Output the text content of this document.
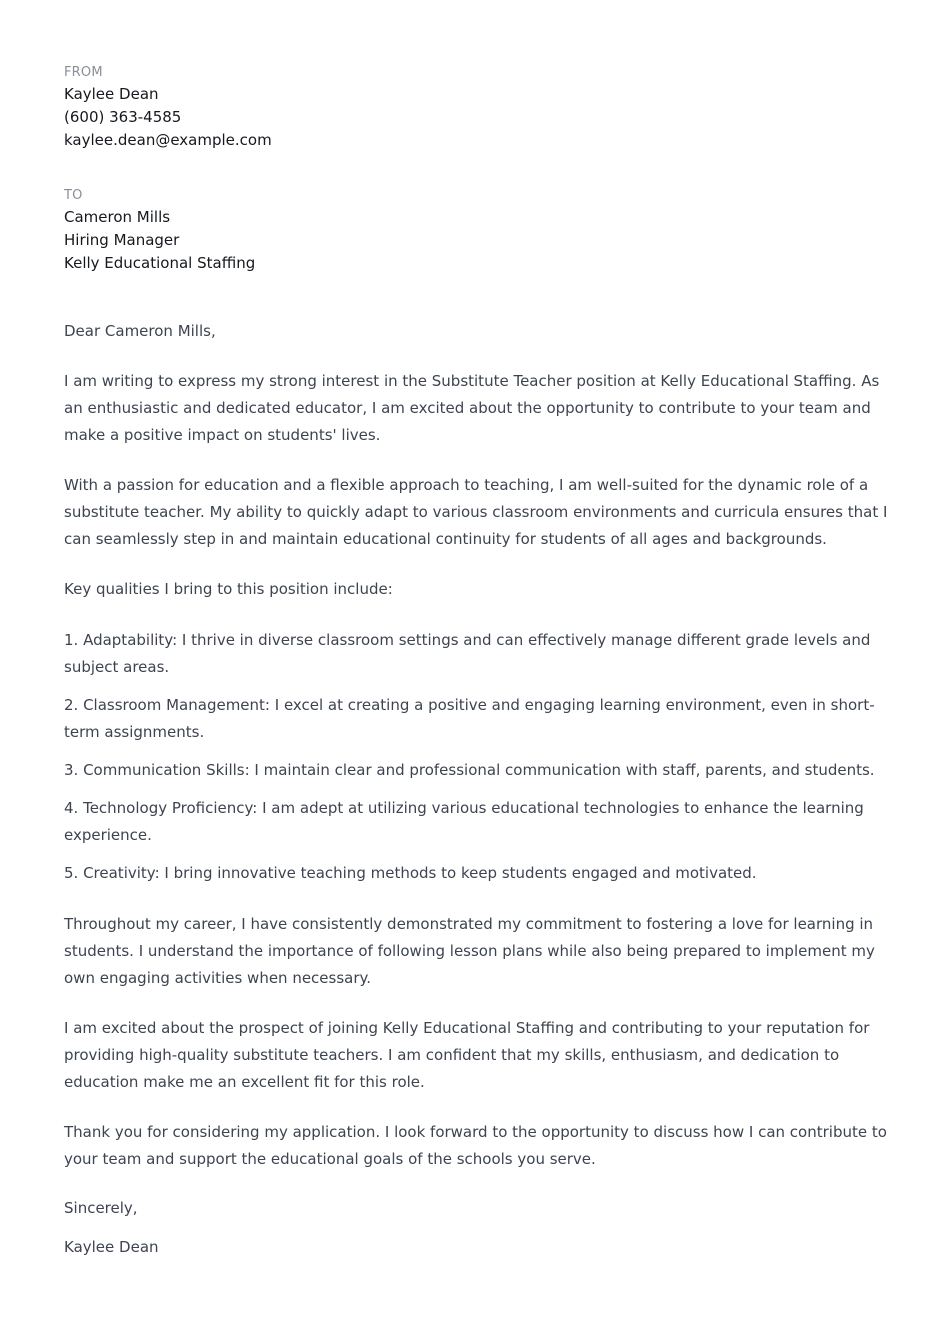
FROM
Kaylee Dean
(600) 363-4585
kaylee.dean@example.com
TO
Cameron Mills
Hiring Manager
Kelly Educational Staffing
Dear Cameron Mills,

I am writing to express my strong interest in the Substitute Teacher position at Kelly Educational Staffing. As an enthusiastic and dedicated educator, I am excited about the opportunity to contribute to your team and make a positive impact on students' lives.

With a passion for education and a flexible approach to teaching, I am well-suited for the dynamic role of a substitute teacher. My ability to quickly adapt to various classroom environments and curricula ensures that I can seamlessly step in and maintain educational continuity for students of all ages and backgrounds.

Key qualities I bring to this position include:

1. Adaptability: I thrive in diverse classroom settings and can effectively manage different grade levels and subject areas.

2. Classroom Management: I excel at creating a positive and engaging learning environment, even in short-term assignments.

3. Communication Skills: I maintain clear and professional communication with staff, parents, and students.

4. Technology Proficiency: I am adept at utilizing various educational technologies to enhance the learning experience.

5. Creativity: I bring innovative teaching methods to keep students engaged and motivated.

Throughout my career, I have consistently demonstrated my commitment to fostering a love for learning in students. I understand the importance of following lesson plans while also being prepared to implement my own engaging activities when necessary.

I am excited about the prospect of joining Kelly Educational Staffing and contributing to your reputation for providing high-quality substitute teachers. I am confident that my skills, enthusiasm, and dedication to education make me an excellent fit for this role.

Thank you for considering my application. I look forward to the opportunity to discuss how I can contribute to your team and support the educational goals of the schools you serve.

Sincerely,
Kaylee Dean
